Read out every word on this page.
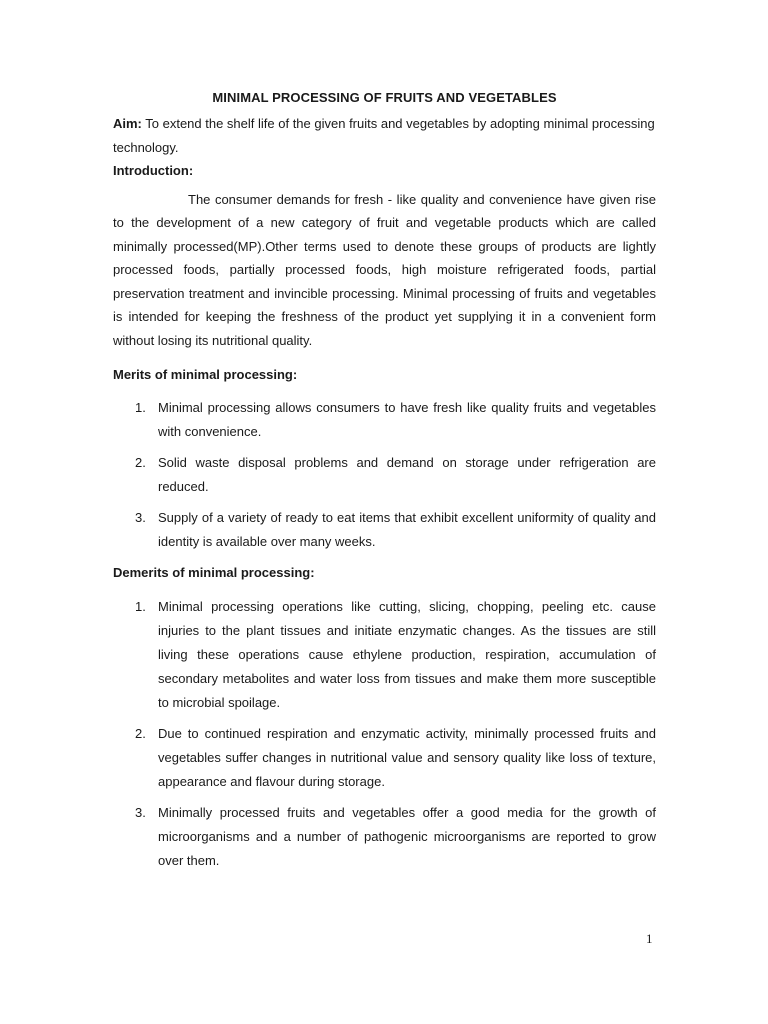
MINIMAL PROCESSING OF FRUITS AND VEGETABLES

Aim: To extend the shelf life of the given fruits and vegetables by adopting minimal processing technology.

Introduction:

The consumer demands for fresh - like quality and convenience have given rise to the development of a new category of fruit and vegetable products which are called minimally processed(MP).Other terms used to denote these groups of products are lightly processed foods, partially processed foods, high moisture refrigerated foods, partial preservation treatment and invincible processing. Minimal processing of fruits and vegetables is intended for keeping the freshness of the product yet supplying it in a convenient form without losing its nutritional quality.

Merits of minimal processing:

1. Minimal processing allows consumers to have fresh like quality fruits and vegetables with convenience.
2. Solid waste disposal problems and demand on storage under refrigeration are reduced.
3. Supply of a variety of ready to eat items that exhibit excellent uniformity of quality and identity is available over many weeks.

Demerits of minimal processing:

1. Minimal processing operations like cutting, slicing, chopping, peeling etc. cause injuries to the plant tissues and initiate enzymatic changes. As the tissues are still living these operations cause ethylene production, respiration, accumulation of secondary metabolites and water loss from tissues and make them more susceptible to microbial spoilage.
2. Due to continued respiration and enzymatic activity, minimally processed fruits and vegetables suffer changes in nutritional value and sensory quality like loss of texture, appearance and flavour during storage.
3. Minimally processed fruits and vegetables offer a good media for the growth of microorganisms and a number of pathogenic microorganisms are reported to grow over them.
1
